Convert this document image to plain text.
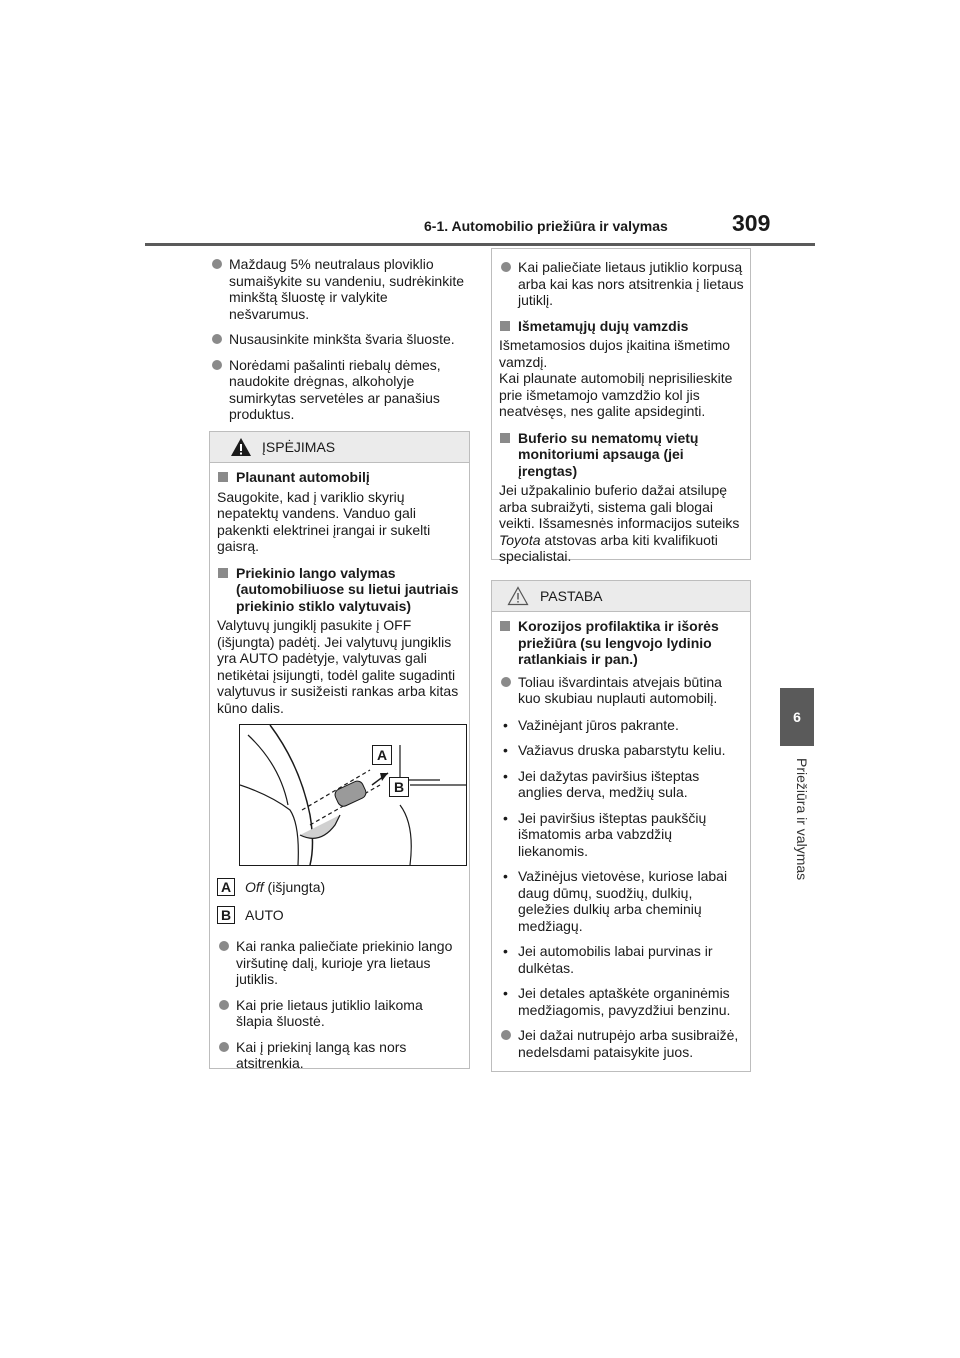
6-1. Automobilio priežiūra ir valymas	309
6
Priežiūra ir valymas
Maždaug 5% neutralaus ploviklio sumaišykite su vandeniu, sudrėkinkite minkštą šluostę ir valykite nešvarumus.
Nusausinkite minkšta švaria šluoste.
Norėdami pašalinti riebalų dėmes, naudokite drėgnas, alkoholyje sumirkytas servetėles ar panašius produktus.
ĮSPĖJIMAS
Plaunant automobilį
Saugokite, kad į variklio skyrių nepatektų vandens. Vanduo gali pakenkti elektrinei įrangai ir sukelti gaisrą.
Priekinio lango valymas (automobiliuose su lietui jautriais priekinio stiklo valytuvais)
Valytuvų jungiklį pasukite į OFF (išjungta) padėtį. Jei valytuvų jungiklis yra AUTO padėtyje, valytuvas gali netikėtai įsijungti, todėl galite sugadinti valytuvus ir susižeisti rankas arba kitas kūno dalis.
A
B
A Off (išjungta)
B AUTO
Kai ranka paliečiate priekinio lango viršutinę dalį, kurioje yra lietaus jutiklis.
Kai prie lietaus jutiklio laikoma šlapia šluostė.
Kai į priekinį langą kas nors atsitrenkia.
Kai paliečiate lietaus jutiklio korpusą arba kai kas nors atsitrenkia į lietaus jutiklį.
Išmetamųjų dujų vamzdis
Išmetamosios dujos įkaitina išmetimo vamzdį.
Kai plaunate automobilį neprisilieskite prie išmetamojo vamzdžio kol jis neatvėsęs, nes galite apsideginti.
Buferio su nematomų vietų monitoriumi apsauga (jei įrengtas)
Jei užpakalinio buferio dažai atsilupę arba subraižyti, sistema gali blogai veikti. Išsamesnės informacijos suteiks Toyota atstovas arba kiti kvalifikuoti specialistai.
PASTABA
Korozijos profilaktika ir išorės priežiūra (su lengvojo lydinio ratlankiais ir pan.)
Toliau išvardintais atvejais būtina kuo skubiau nuplauti automobilį.
• Važinėjant jūros pakrante.
• Važiavus druska pabarstytu keliu.
• Jei dažytas paviršius išteptas anglies derva, medžių sula.
• Jei paviršius išteptas paukščių išmatomis arba vabzdžių liekanomis.
• Važinėjus vietovėse, kuriose labai daug dūmų, suodžių, dulkių, geležies dulkių arba cheminių medžiagų.
• Jei automobilis labai purvinas ir dulkėtas.
• Jei detales aptaškėte organinėmis medžiagomis, pavyzdžiui benzinu.
Jei dažai nutrupėjo arba susibraižė, nedelsdami pataisykite juos.
